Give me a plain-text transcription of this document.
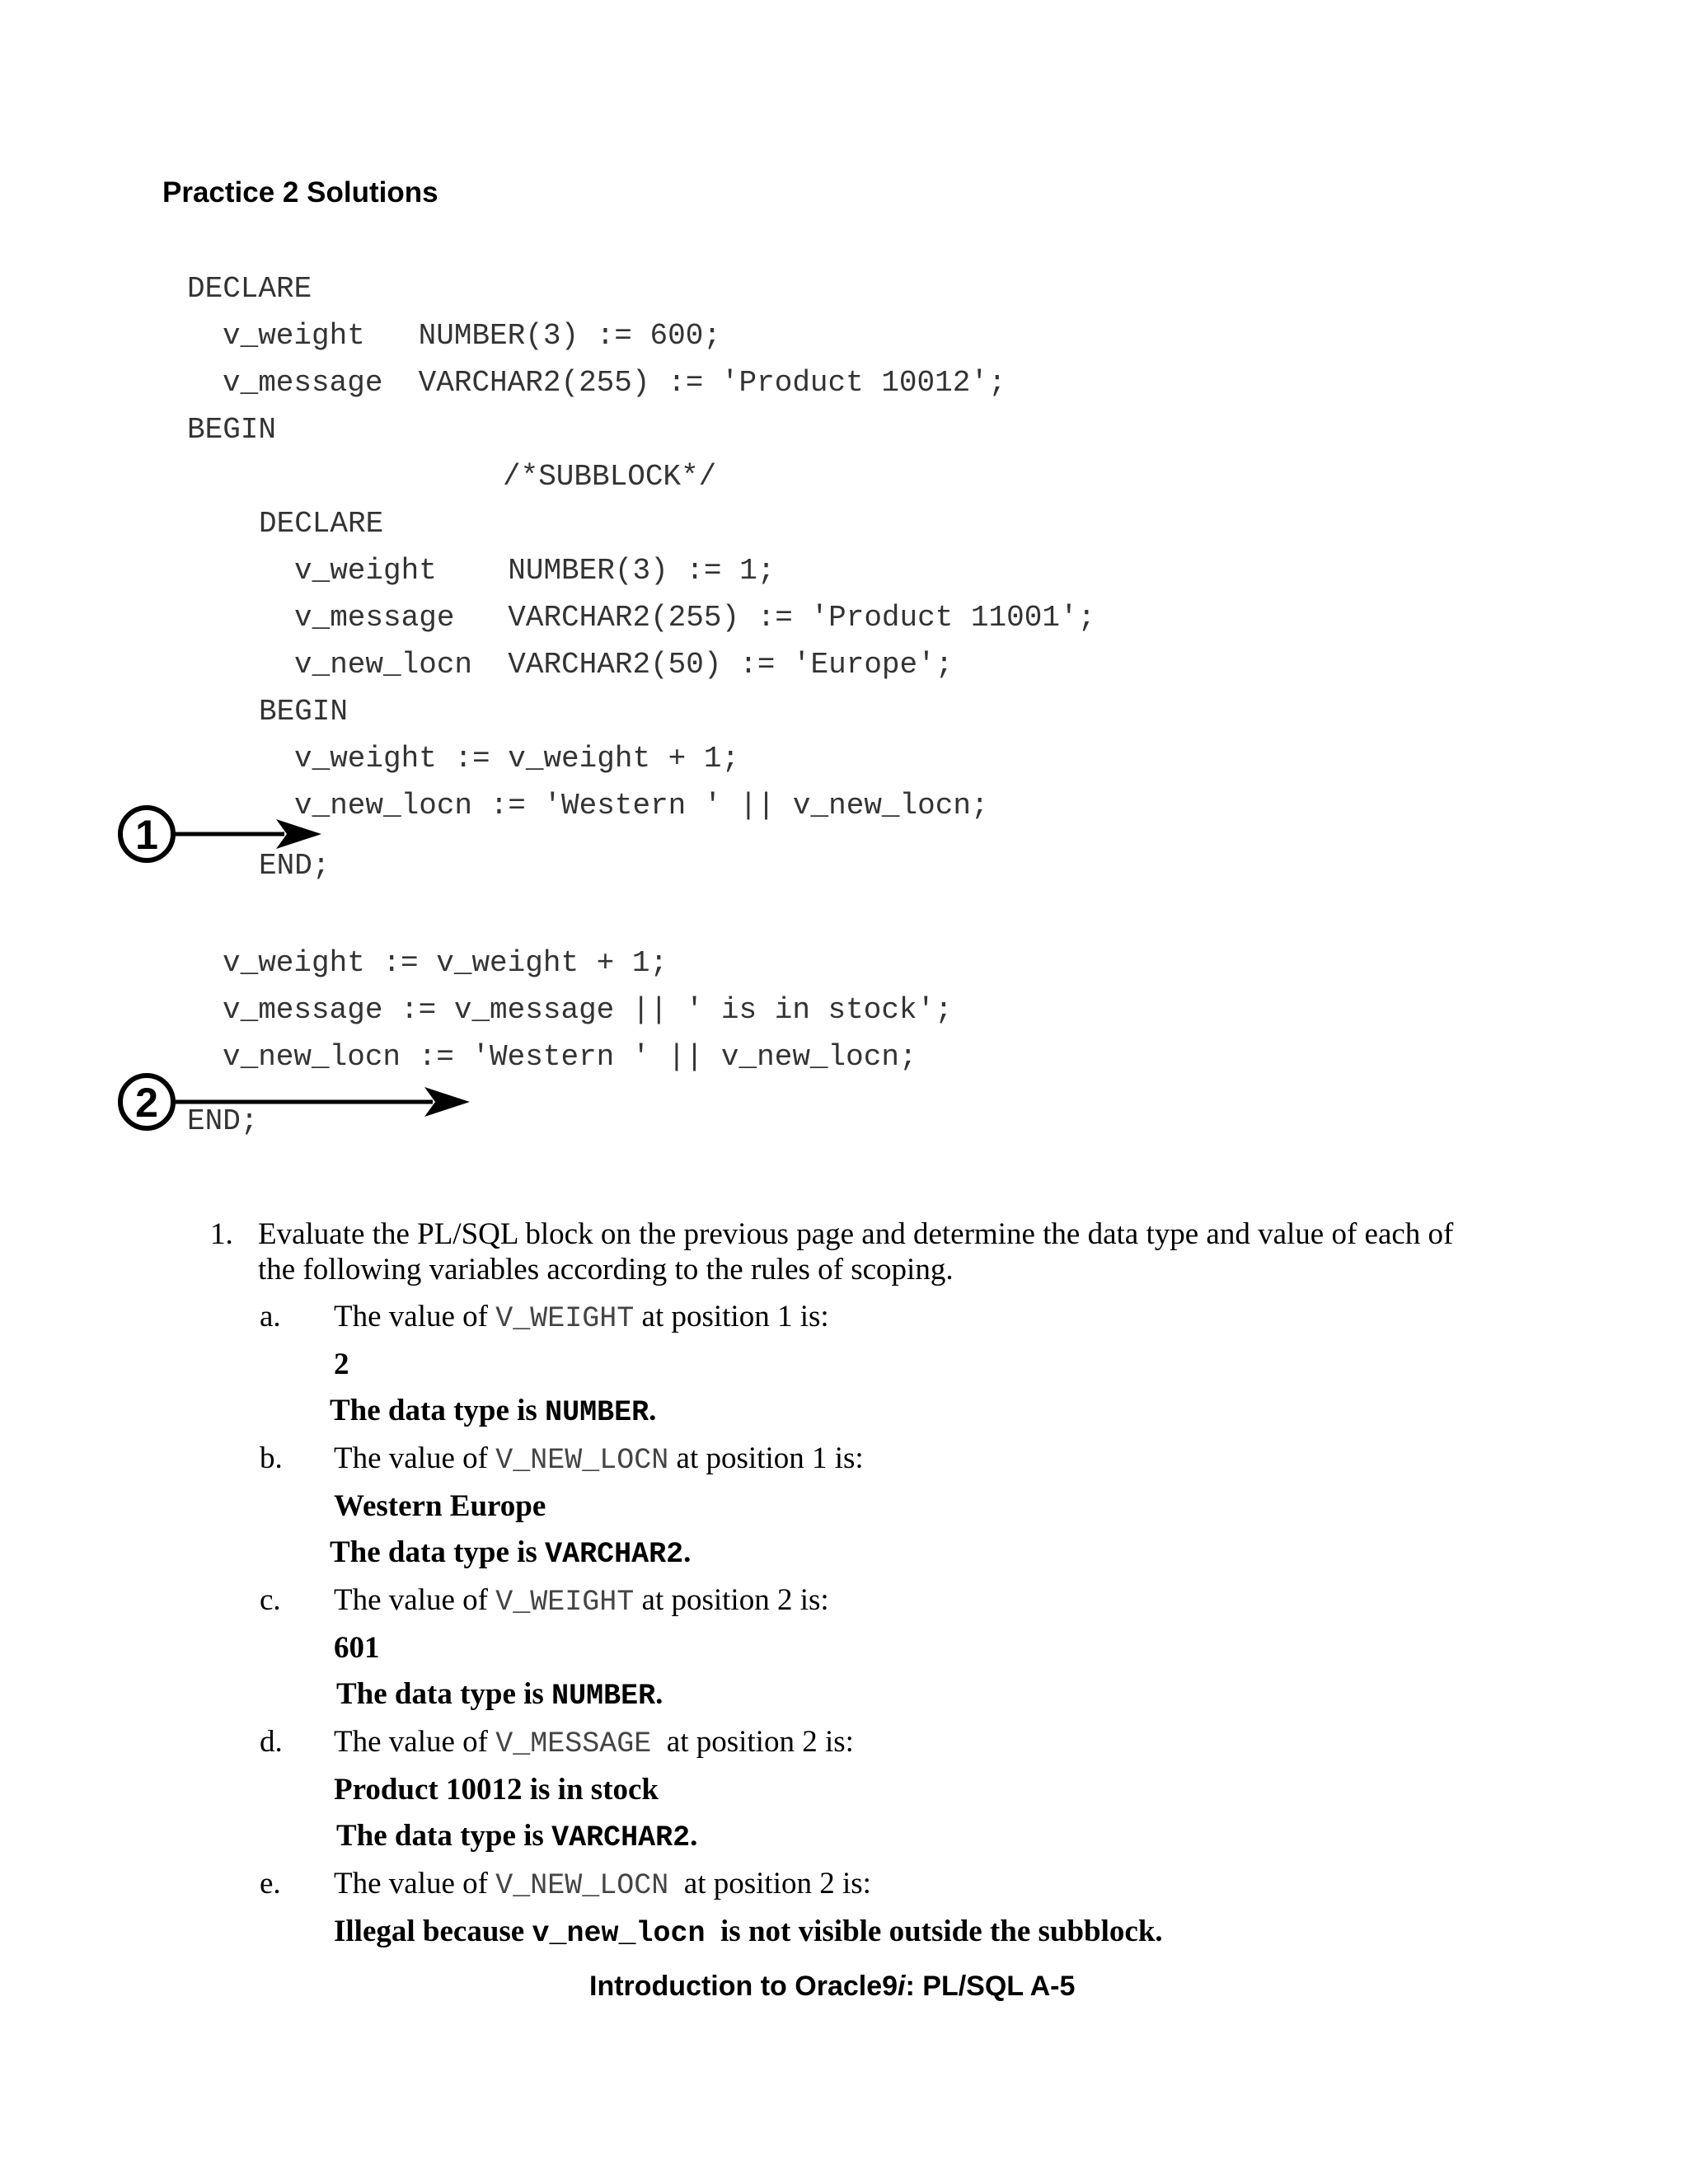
Practice 2 Solutions
DECLARE
v_weight   NUMBER(3) := 600;
v_message  VARCHAR2(255) := 'Product 10012';
BEGIN
/*SUBBLOCK*/
DECLARE
v_weight    NUMBER(3) := 1;
v_message   VARCHAR2(255) := 'Product 11001';
v_new_locn  VARCHAR2(50) := 'Europe';
BEGIN
v_weight := v_weight + 1;
v_new_locn := 'Western ' || v_new_locn;
END;
v_weight := v_weight + 1;
v_message := v_message || ' is in stock';
v_new_locn := 'Western ' || v_new_locn;
END;
1
2
1. Evaluate the PL/SQL block on the previous page and determine the data type and value of each of
the following variables according to the rules of scoping.
a. The value of V_WEIGHT at position 1 is:
2
The data type is NUMBER.
b. The value of V_NEW_LOCN at position 1 is:
Western Europe
The data type is VARCHAR2.
c. The value of V_WEIGHT at position 2 is:
601
The data type is NUMBER.
d. The value of V_MESSAGE  at position 2 is:
Product 10012 is in stock
The data type is VARCHAR2.
e. The value of V_NEW_LOCN  at position 2 is:
Illegal because v_new_locn  is not visible outside the subblock.
Introduction to Oracle9i: PL/SQL A-5
